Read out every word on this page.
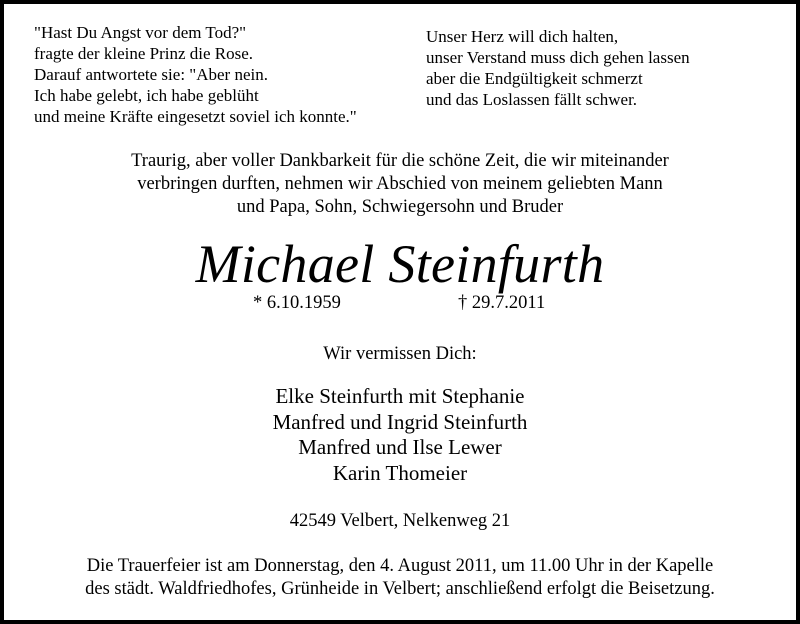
"Hast Du Angst vor dem Tod?"
fragte der kleine Prinz die Rose.
Darauf antwortete sie: "Aber nein.
Ich habe gelebt, ich habe geblüht
und meine Kräfte eingesetzt soviel ich konnte."
Unser Herz will dich halten,
unser Verstand muss dich gehen lassen
aber die Endgültigkeit schmerzt
und das Loslassen fällt schwer.
Traurig, aber voller Dankbarkeit für die schöne Zeit, die wir miteinander
verbringen durften, nehmen wir Abschied von meinem geliebten Mann
und Papa, Sohn, Schwiegersohn und Bruder
Michael Steinfurth
* 6.10.1959	† 29.7.2011
Wir vermissen Dich:
Elke Steinfurth mit Stephanie
Manfred und Ingrid Steinfurth
Manfred und Ilse Lewer
Karin Thomeier
42549 Velbert, Nelkenweg 21
Die Trauerfeier ist am Donnerstag, den 4. August 2011, um 11.00 Uhr in der Kapelle
des städt. Waldfriedhofes, Grünheide in Velbert; anschließend erfolgt die Beisetzung.
